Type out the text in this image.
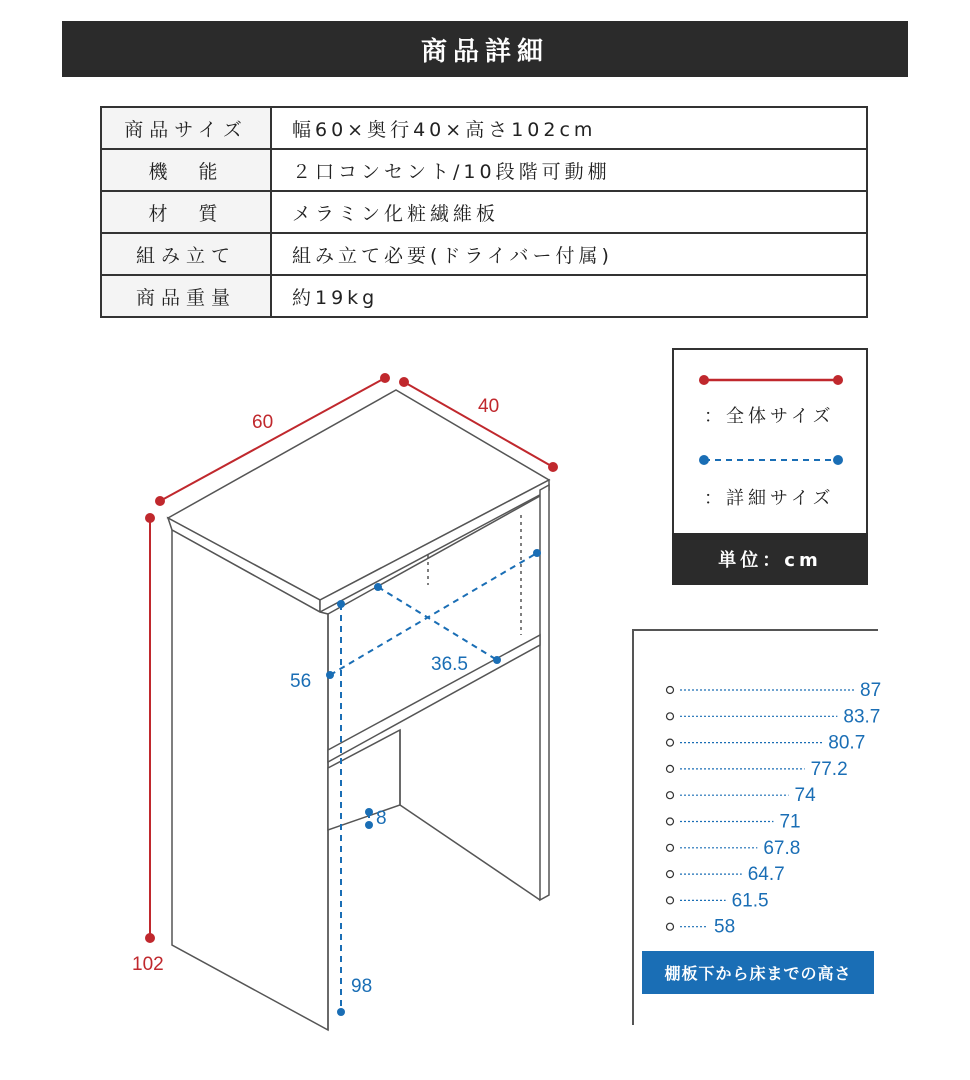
商品詳細
商品サイズ	幅60×奥行40×高さ102cm
機　能	２口コンセント/10段階可動棚
材　質	メラミン化粧繊維板
組み立て	組み立て必要(ドライバー付属)
商品重量	約19kg
60
40
102
56
36.5
8
98
：全体サイズ
：詳細サイズ
単位：cm
87
83.7
80.7
77.2
74
71
67.8
64.7
61.5
58
棚板下から床までの高さ
